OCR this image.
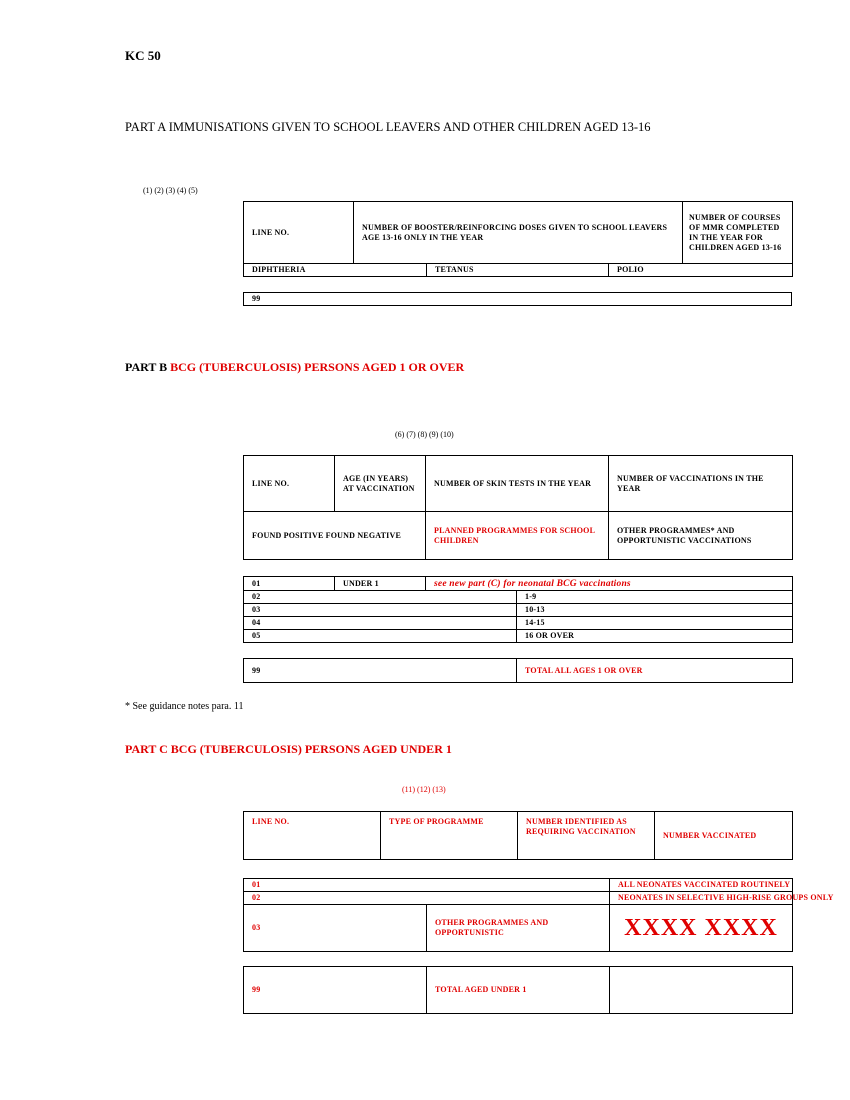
KC 50
PART A IMMUNISATIONS GIVEN TO SCHOOL LEAVERS AND OTHER CHILDREN AGED 13-16
(1) (2) (3) (4) (5)
LINE NO.	NUMBER OF BOOSTER/REINFORCING DOSES GIVEN TO SCHOOL LEAVERS AGE 13-16 ONLY IN THE YEAR			NUMBER OF COURSES OF MMR COMPLETED IN THE YEAR FOR CHILDREN AGED 13-16
DIPHTHERIA		TETANUS	POLIO	
99
PART B BCG (TUBERCULOSIS) PERSONS AGED 1 OR OVER
(6) (7) (8) (9) (10)
LINE NO.	AGE (IN YEARS) AT VACCINATION	NUMBER OF SKIN TESTS IN THE YEAR	NUMBER OF VACCINATIONS IN THE YEAR
FOUND POSITIVE FOUND NEGATIVE		PLANNED PROGRAMMES FOR SCHOOL CHILDREN	OTHER PROGRAMMES* AND OPPORTUNISTIC VACCINATIONS
01	UNDER 1	see new part (C) for neonatal BCG vaccinations	
02			1-9
03			10-13
04			14-15
05			16 OR OVER
99	TOTAL ALL AGES 1 OR OVER
* See guidance notes para. 11
PART C BCG (TUBERCULOSIS) PERSONS AGED UNDER 1
(11) (12) (13)
LINE NO.	TYPE OF PROGRAMME	NUMBER IDENTIFIED AS REQUIRING VACCINATION	NUMBER VACCINATED
01		ALL NEONATES VACCINATED ROUTINELY
02		NEONATES IN SELECTIVE HIGH-RISE GROUPS ONLY
03	OTHER PROGRAMMES AND OPPORTUNISTIC	XXXX XXXX
99	TOTAL AGED UNDER 1	
